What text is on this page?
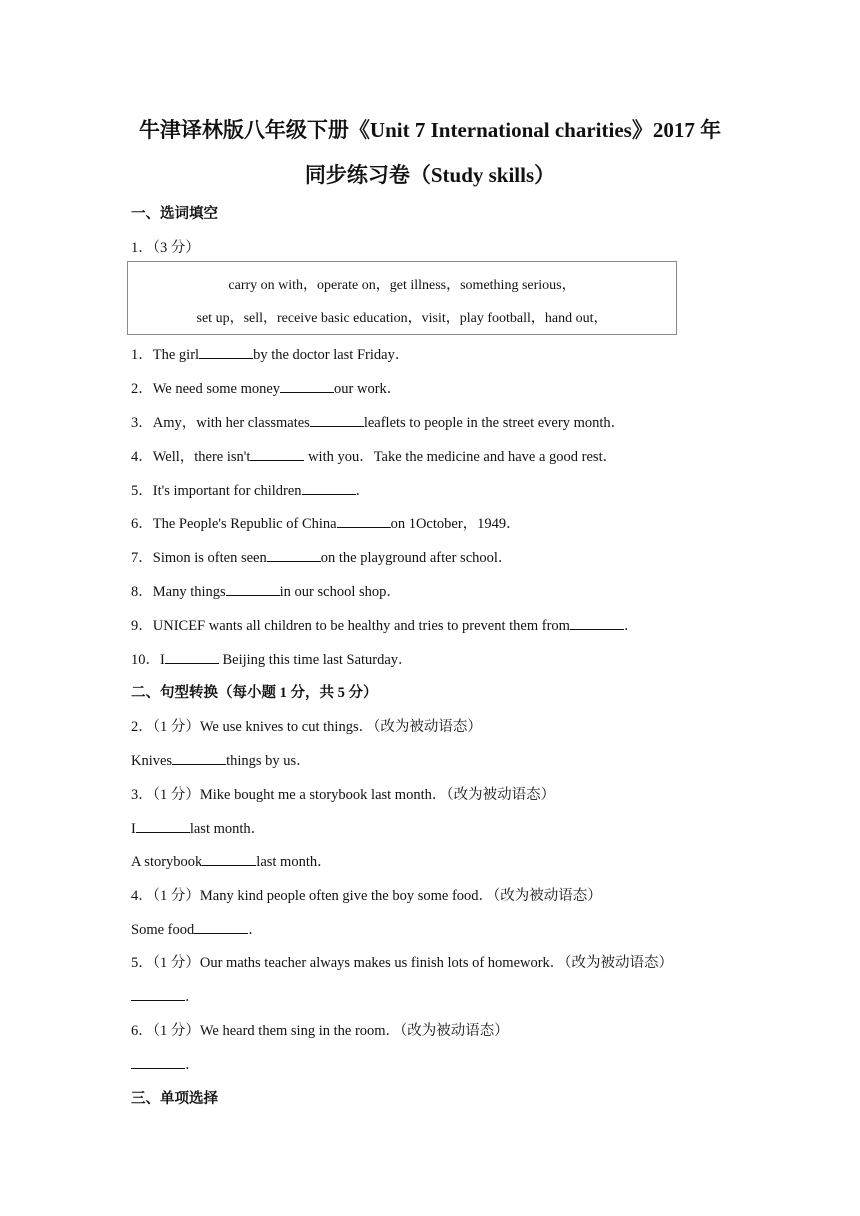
牛津译林版八年级下册《Unit 7 International charities》2017 年
同步练习卷（Study skills）
一、选词填空
1．（3 分）
carry on with，operate on，get illness，something serious，
set up，sell，receive basic education，visit，play football，hand out，
1．The girl	by the doctor last Friday．
2．We need some money	our work．
3．Amy，with her classmates	leaflets to people in the street every month．
4．Well，there isn't	with you．Take the medicine and have a good rest．
5．It's important for children	．
6．The People's Republic of China	on 1October，1949．
7．Simon is often seen	on the playground after school．
8．Many things	in our school shop．
9．UNICEF wants all children to be healthy and tries to prevent them from	．
10．I	Beijing this time last Saturday．
二、句型转换（每小题 1 分，共 5 分）
2．（1 分）We use knives to cut things．（改为被动语态）
Knives	things by us．
3．（1 分）Mike bought me a storybook last month．（改为被动语态）
I	last month．
A storybook	last month．
4．（1 分）Many kind people often give the boy some food．（改为被动语态）
Some food	．
5．（1 分）Our maths teacher always makes us finish lots of homework．（改为被动语态）
．
6．（1 分）We heard them sing in the room．（改为被动语态）
．
三、单项选择
